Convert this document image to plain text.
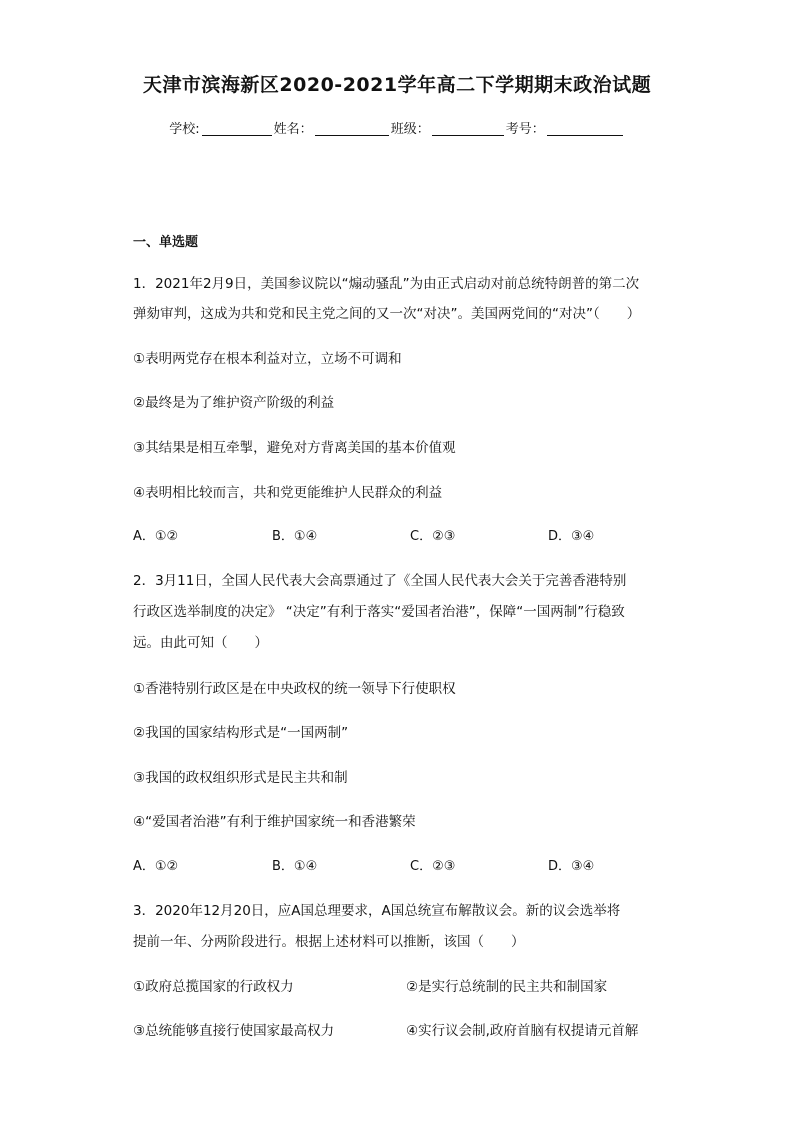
天津市滨海新区2020-2021学年高二下学期期末政治试题
学校:	姓名：	班级：	考号：
一、单选题
1．2021年2月9日，美国参议院以“煽动骚乱”为由正式启动对前总统特朗普的第二次
弹劾审判，这成为共和党和民主党之间的又一次“对决”。美国两党间的“对决”（　　）
①表明两党存在根本利益对立，立场不可调和
②最终是为了维护资产阶级的利益
③其结果是相互牵掣，避免对方背离美国的基本价值观
④表明相比较而言，共和党更能维护人民群众的利益
A．①②	B．①④	C．②③	D．③④
2．3月11日，全国人民代表大会高票通过了《全国人民代表大会关于完善香港特别
行政区选举制度的决定》 “决定”有利于落实“爱国者治港”，保障“一国两制”行稳致
远。由此可知（　　）
①香港特别行政区是在中央政权的统一领导下行使职权
②我国的国家结构形式是“一国两制”
③我国的政权组织形式是民主共和制
④“爱国者治港”有利于维护国家统一和香港繁荣
A．①②	B．①④	C．②③	D．③④
3．2020年12月20日，应A国总理要求，A国总统宣布解散议会。新的议会选举将
提前一年、分两阶段进行。根据上述材料可以推断，该国（　　）
①政府总揽国家的行政权力	②是实行总统制的民主共和制国家
③总统能够直接行使国家最高权力	④实行议会制,政府首脑有权提请元首解
